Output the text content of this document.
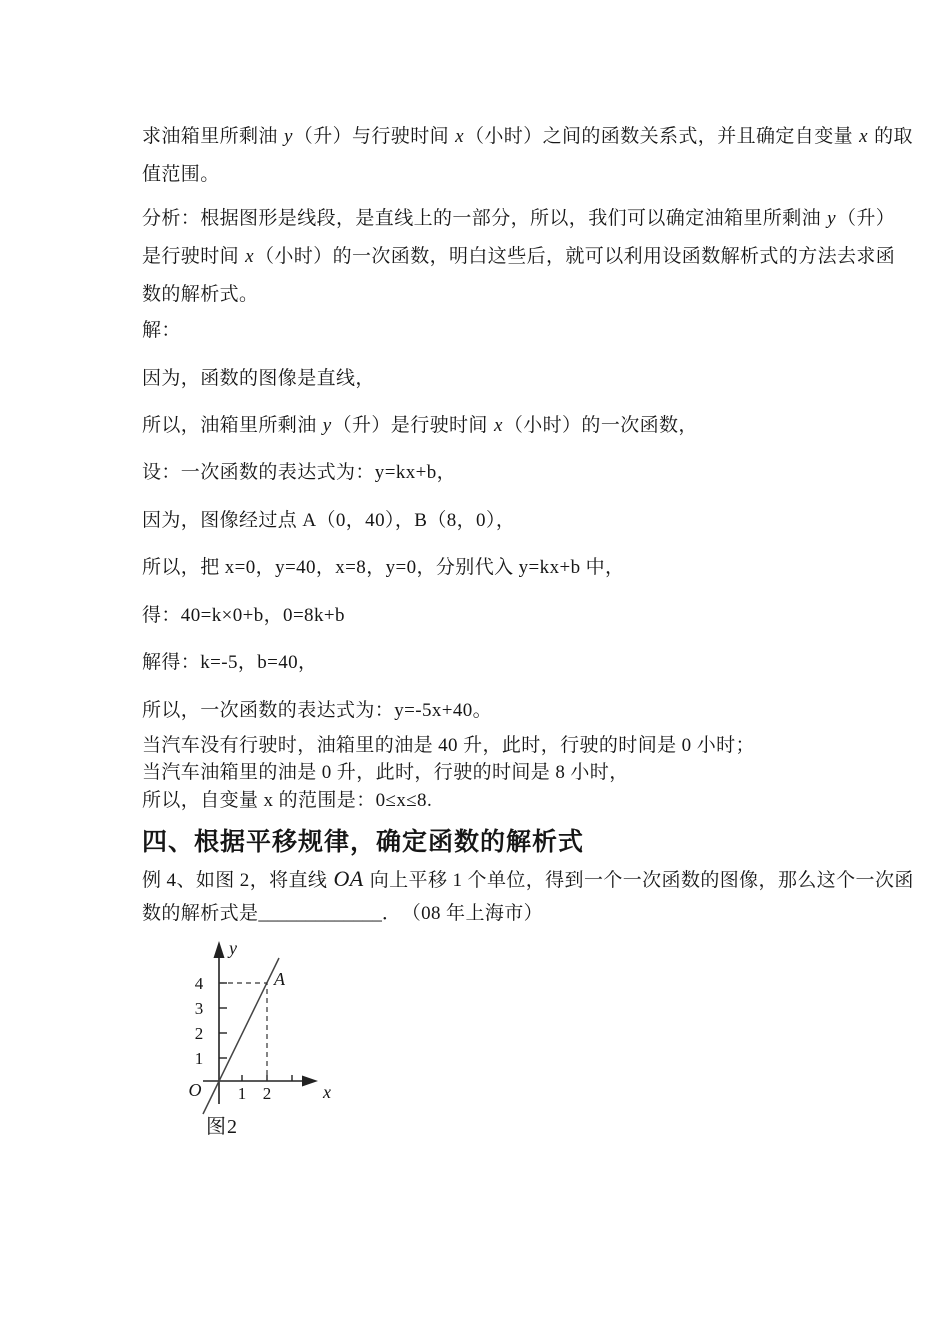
求油箱里所剩油 y（升）与行驶时间 x（小时）之间的函数关系式，并且确定自变量 x 的取
值范围。
分析：根据图形是线段，是直线上的一部分，所以，我们可以确定油箱里所剩油 y（升）
是行驶时间 x（小时）的一次函数，明白这些后，就可以利用设函数解析式的方法去求函
数的解析式。
解：
因为，函数的图像是直线，
所以，油箱里所剩油 y（升）是行驶时间 x（小时）的一次函数，
设：一次函数的表达式为：y=kx+b，
因为，图像经过点 A（0，40），B（8，0），
所以，把 x=0，y=40，x=8，y=0，分别代入 y=kx+b 中，
得：40=k×0+b，0=8k+b
解得：k=-5，b=40，
所以，一次函数的表达式为：y=-5x+40。
当汽车没有行驶时，油箱里的油是 40 升，此时，行驶的时间是 0 小时；
当汽车油箱里的油是 0 升，此时，行驶的时间是 8 小时，
所以，自变量 x 的范围是：0≤x≤8.
四、根据平移规律，确定函数的解析式
例 4、如图 2，将直线 OA 向上平移 1 个单位，得到一个一次函数的图像，那么这个一次函
数的解析式是_____________．　（08 年上海市）
4
3
2
1
1 2
y
x
O
A
图2
